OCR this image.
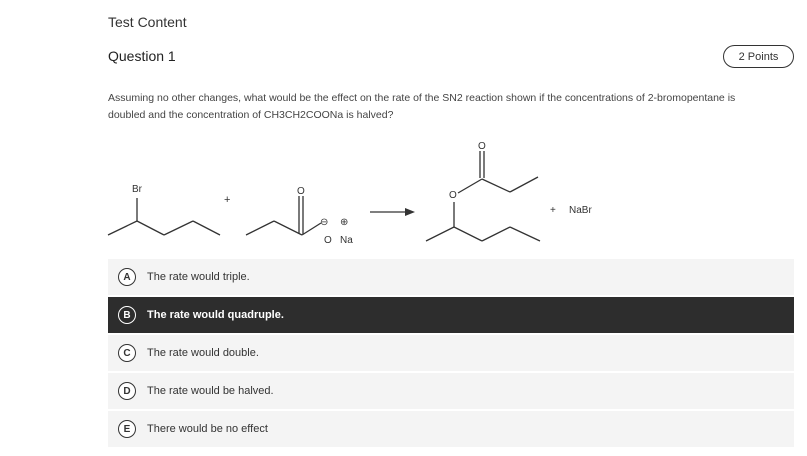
Test Content
Question 1	2 Points
Assuming no other changes, what would be the effect on the rate of the SN2 reaction shown if the concentrations of 2-bromopentane is doubled and the concentration of CH3CH2COONa is halved?
Br
+
O
⊖ ⊕
O Na
O
O
+ NaBr
A	The rate would triple.
B	The rate would quadruple.
C	The rate would double.
D	The rate would be halved.
E	There would be no effect
